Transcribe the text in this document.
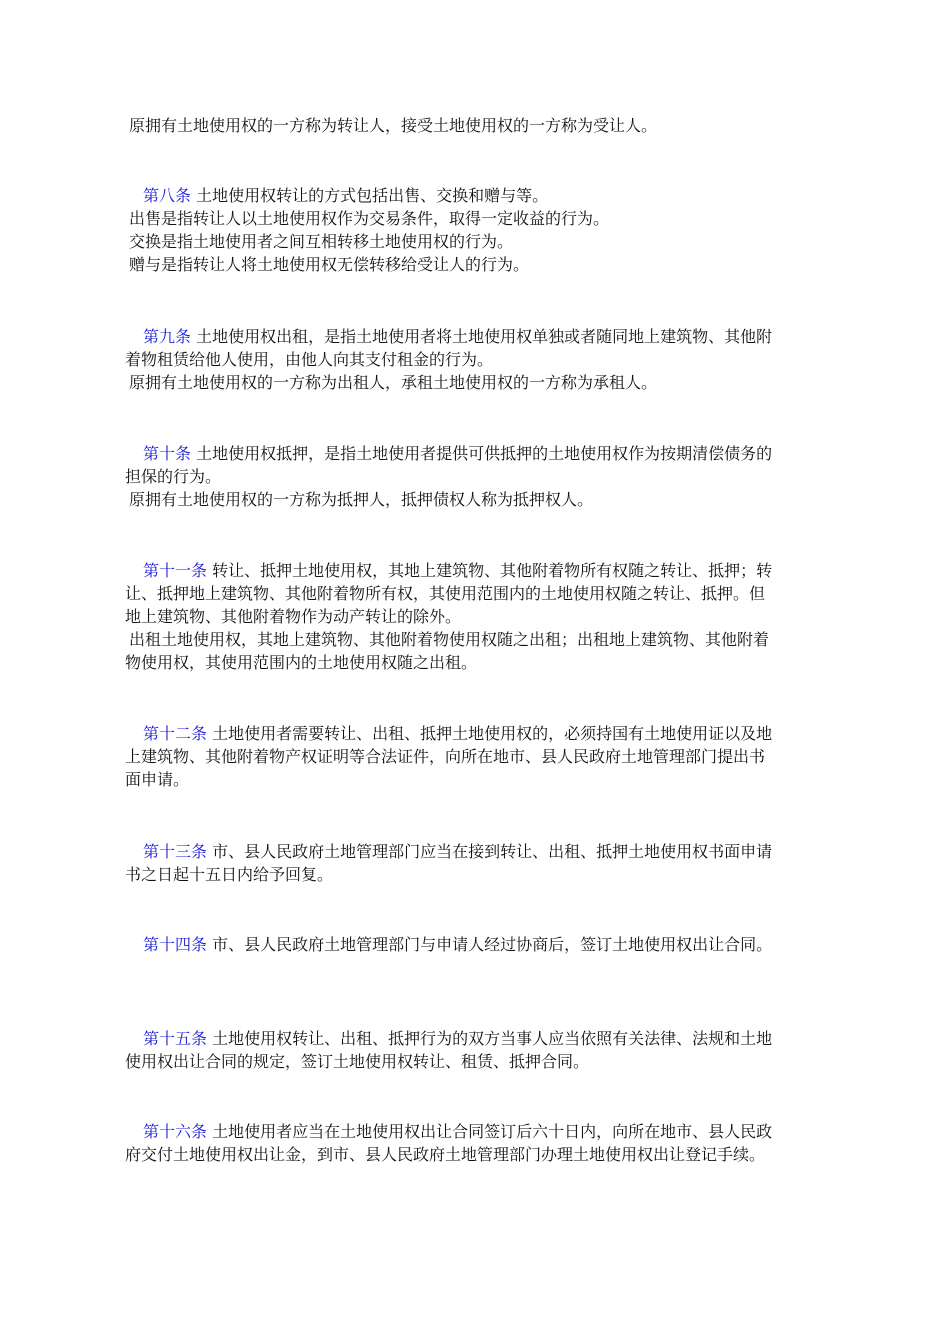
原拥有土地使用权的一方称为转让人，接受土地使用权的一方称为受让人。

第八条 土地使用权转让的方式包括出售、交换和赠与等。
出售是指转让人以土地使用权作为交易条件，取得一定收益的行为。
交换是指土地使用者之间互相转移土地使用权的行为。
赠与是指转让人将土地使用权无偿转移给受让人的行为。

第九条 土地使用权出租，是指土地使用者将土地使用权单独或者随同地上建筑物、其他附
着物租赁给他人使用，由他人向其支付租金的行为。
原拥有土地使用权的一方称为出租人，承租土地使用权的一方称为承租人。

第十条 土地使用权抵押，是指土地使用者提供可供抵押的土地使用权作为按期清偿债务的
担保的行为。
原拥有土地使用权的一方称为抵押人，抵押债权人称为抵押权人。

第十一条 转让、抵押土地使用权，其地上建筑物、其他附着物所有权随之转让、抵押；转
让、抵押地上建筑物、其他附着物所有权，其使用范围内的土地使用权随之转让、抵押。但
地上建筑物、其他附着物作为动产转让的除外。
出租土地使用权，其地上建筑物、其他附着物使用权随之出租；出租地上建筑物、其他附着
物使用权，其使用范围内的土地使用权随之出租。

第十二条 土地使用者需要转让、出租、抵押土地使用权的，必须持国有土地使用证以及地
上建筑物、其他附着物产权证明等合法证件，向所在地市、县人民政府土地管理部门提出书
面申请。

第十三条 市、县人民政府土地管理部门应当在接到转让、出租、抵押土地使用权书面申请
书之日起十五日内给予回复。

第十四条 市、县人民政府土地管理部门与申请人经过协商后，签订土地使用权出让合同。

第十五条 土地使用权转让、出租、抵押行为的双方当事人应当依照有关法律、法规和土地
使用权出让合同的规定，签订土地使用权转让、租赁、抵押合同。

第十六条 土地使用者应当在土地使用权出让合同签订后六十日内，向所在地市、县人民政
府交付土地使用权出让金，到市、县人民政府土地管理部门办理土地使用权出让登记手续。
